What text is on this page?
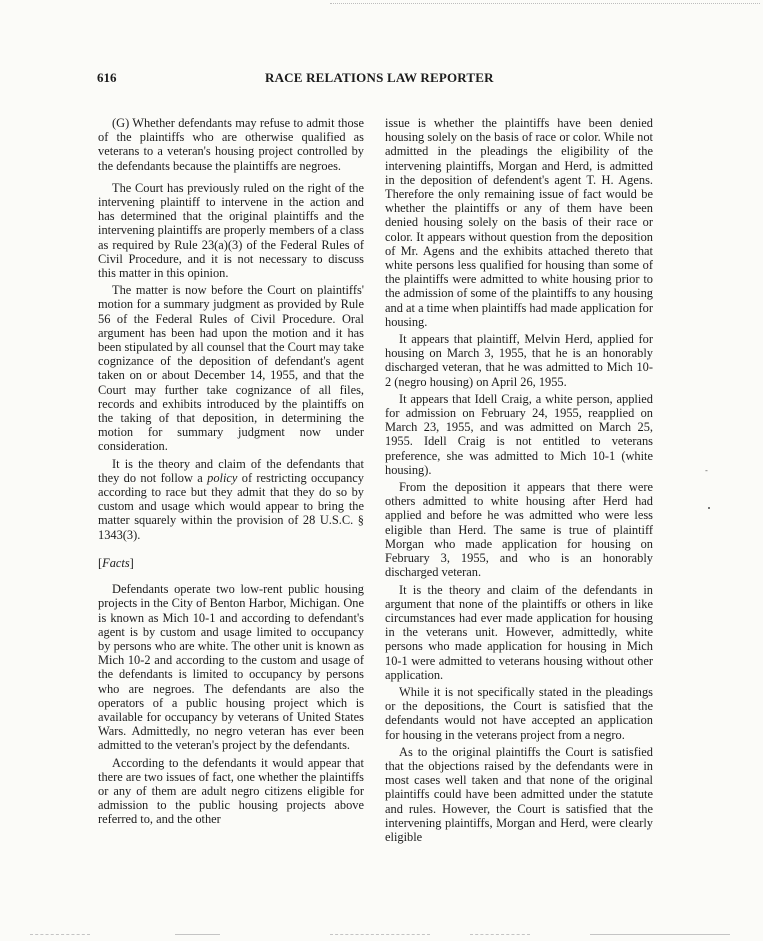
616	RACE RELATIONS LAW REPORTER

(G) Whether defendants may refuse to admit those of the plaintiffs who are otherwise qualified as veterans to a veteran's housing project controlled by the defendants because the plaintiffs are negroes.

The Court has previously ruled on the right of the intervening plaintiff to intervene in the action and has determined that the original plaintiffs and the intervening plaintiffs are properly members of a class as required by Rule 23(a)(3) of the Federal Rules of Civil Procedure, and it is not necessary to discuss this matter in this opinion.

The matter is now before the Court on plaintiffs' motion for a summary judgment as provided by Rule 56 of the Federal Rules of Civil Procedure. Oral argument has been had upon the motion and it has been stipulated by all counsel that the Court may take cognizance of the deposition of defendant's agent taken on or about December 14, 1955, and that the Court may further take cognizance of all files, records and exhibits introduced by the plaintiffs on the taking of that deposition, in determining the motion for summary judgment now under consideration.

It is the theory and claim of the defendants that they do not follow a policy of restricting occupancy according to race but they admit that they do so by custom and usage which would appear to bring the matter squarely within the provision of 28 U.S.C. § 1343(3).

[Facts]

Defendants operate two low-rent public housing projects in the City of Benton Harbor, Michigan. One is known as Mich 10-1 and according to defendant's agent is by custom and usage limited to occupancy by persons who are white. The other unit is known as Mich 10-2 and according to the custom and usage of the defendants is limited to occupancy by persons who are negroes. The defendants are also the operators of a public housing project which is available for occupancy by veterans of United States Wars. Admittedly, no negro veteran has ever been admitted to the veteran's project by the defendants.

According to the defendants it would appear that there are two issues of fact, one whether the plaintiffs or any of them are adult negro citizens eligible for admission to the public housing projects above referred to, and the other

issue is whether the plaintiffs have been denied housing solely on the basis of race or color. While not admitted in the pleadings the eligibility of the intervening plaintiffs, Morgan and Herd, is admitted in the deposition of defendent's agent T. H. Agens. Therefore the only remaining issue of fact would be whether the plaintiffs or any of them have been denied housing solely on the basis of their race or color. It appears without question from the deposition of Mr. Agens and the exhibits attached thereto that white persons less qualified for housing than some of the plaintiffs were admitted to white housing prior to the admission of some of the plaintiffs to any housing and at a time when plaintiffs had made application for housing.

It appears that plaintiff, Melvin Herd, applied for housing on March 3, 1955, that he is an honorably discharged veteran, that he was admitted to Mich 10-2 (negro housing) on April 26, 1955.

It appears that Idell Craig, a white person, applied for admission on February 24, 1955, reapplied on March 23, 1955, and was admitted on March 25, 1955. Idell Craig is not entitled to veterans preference, she was admitted to Mich 10-1 (white housing).

From the deposition it appears that there were others admitted to white housing after Herd had applied and before he was admitted who were less eligible than Herd. The same is true of plaintiff Morgan who made application for housing on February 3, 1955, and who is an honorably discharged veteran.

It is the theory and claim of the defendants in argument that none of the plaintiffs or others in like circumstances had ever made application for housing in the veterans unit. However, admittedly, white persons who made application for housing in Mich 10-1 were admitted to veterans housing without other application.

While it is not specifically stated in the pleadings or the depositions, the Court is satisfied that the defendants would not have accepted an application for housing in the veterans project from a negro.

As to the original plaintiffs the Court is satisfied that the objections raised by the defendants were in most cases well taken and that none of the original plaintiffs could have been admitted under the statute and rules. However, the Court is satisfied that the intervening plaintiffs, Morgan and Herd, were clearly eligible

-
